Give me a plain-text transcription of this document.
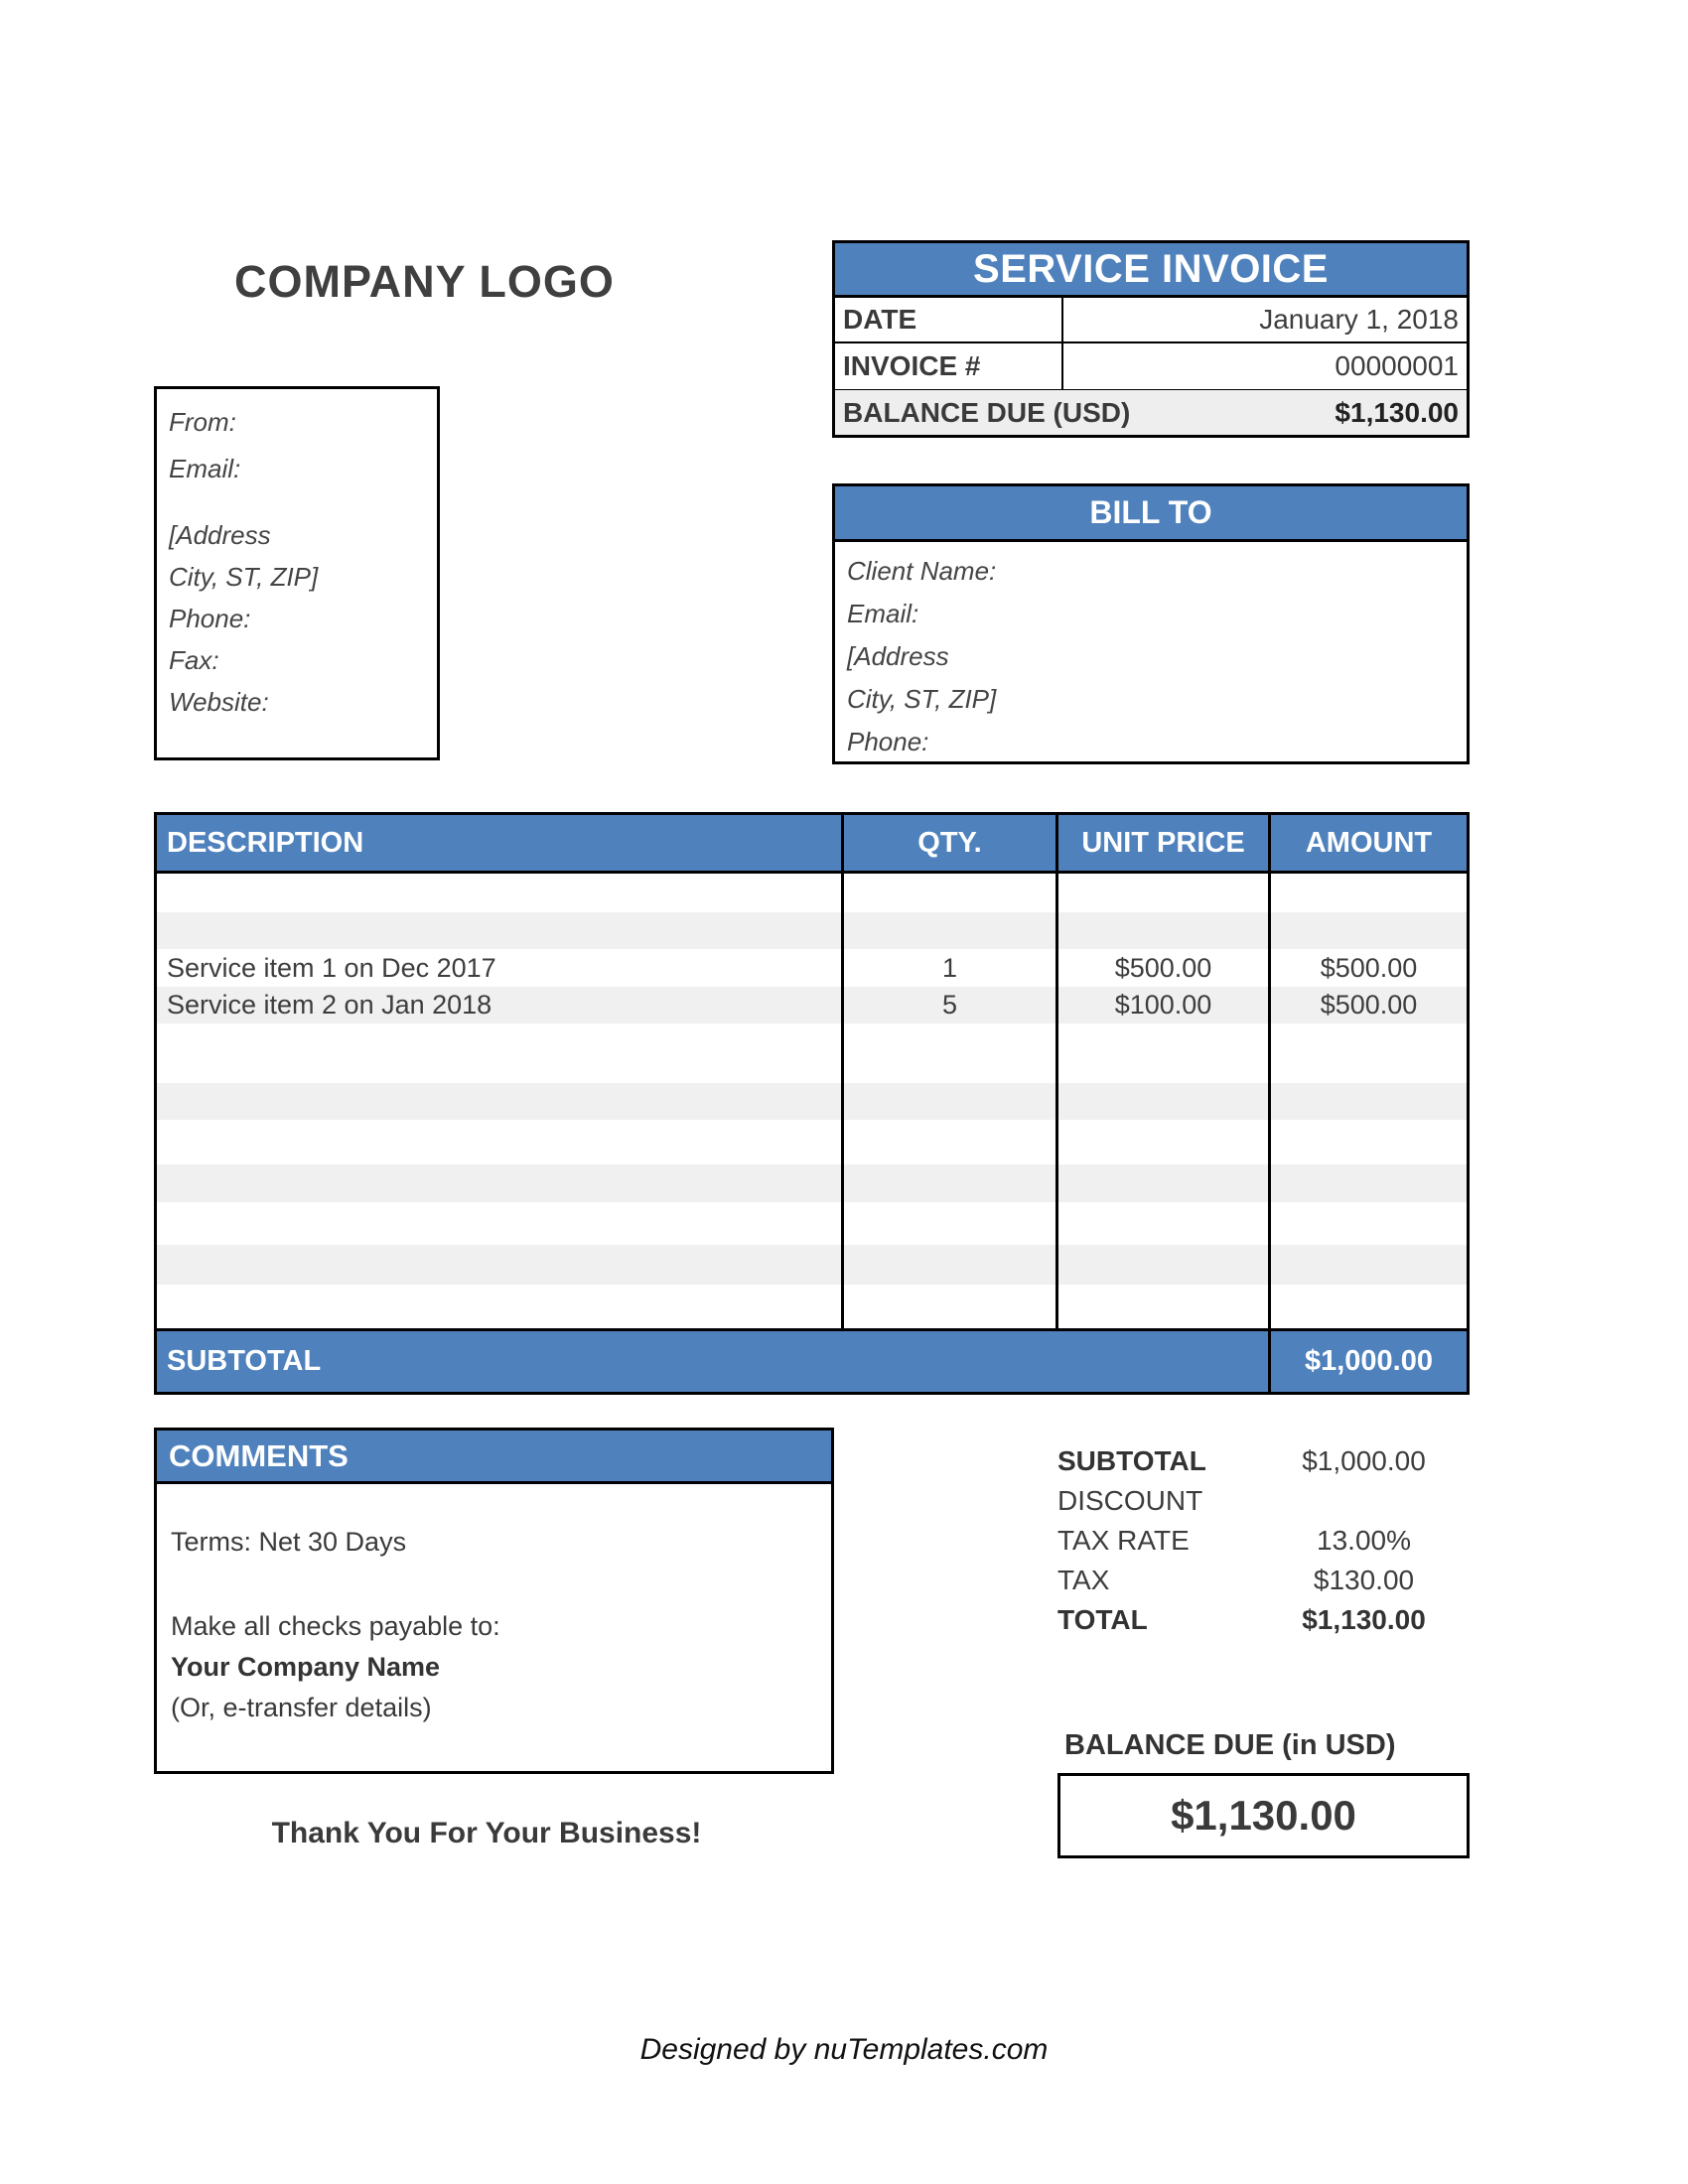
COMPANY LOGO	SERVICE INVOICE
DATE	January 1, 2018
INVOICE #	00000001
BALANCE DUE (USD)	$1,130.00
From:
Email:
[Address
City, ST, ZIP]
Phone:
Fax:
Website:
BILL TO
Client Name:
Email:
[Address
City, ST, ZIP]
Phone:
DESCRIPTION	QTY.	UNIT PRICE	AMOUNT
Service item 1 on Dec 2017	1	$500.00	$500.00
Service item 2 on Jan 2018	5	$100.00	$500.00
SUBTOTAL	$1,000.00
COMMENTS
Terms: Net 30 Days
Make all checks payable to:
Your Company Name
(Or, e-transfer details)
SUBTOTAL	$1,000.00
DISCOUNT
TAX RATE	13.00%
TAX	$130.00
TOTAL	$1,130.00
BALANCE DUE (in USD)
$1,130.00
Thank You For Your Business!
Designed by nuTemplates.com
